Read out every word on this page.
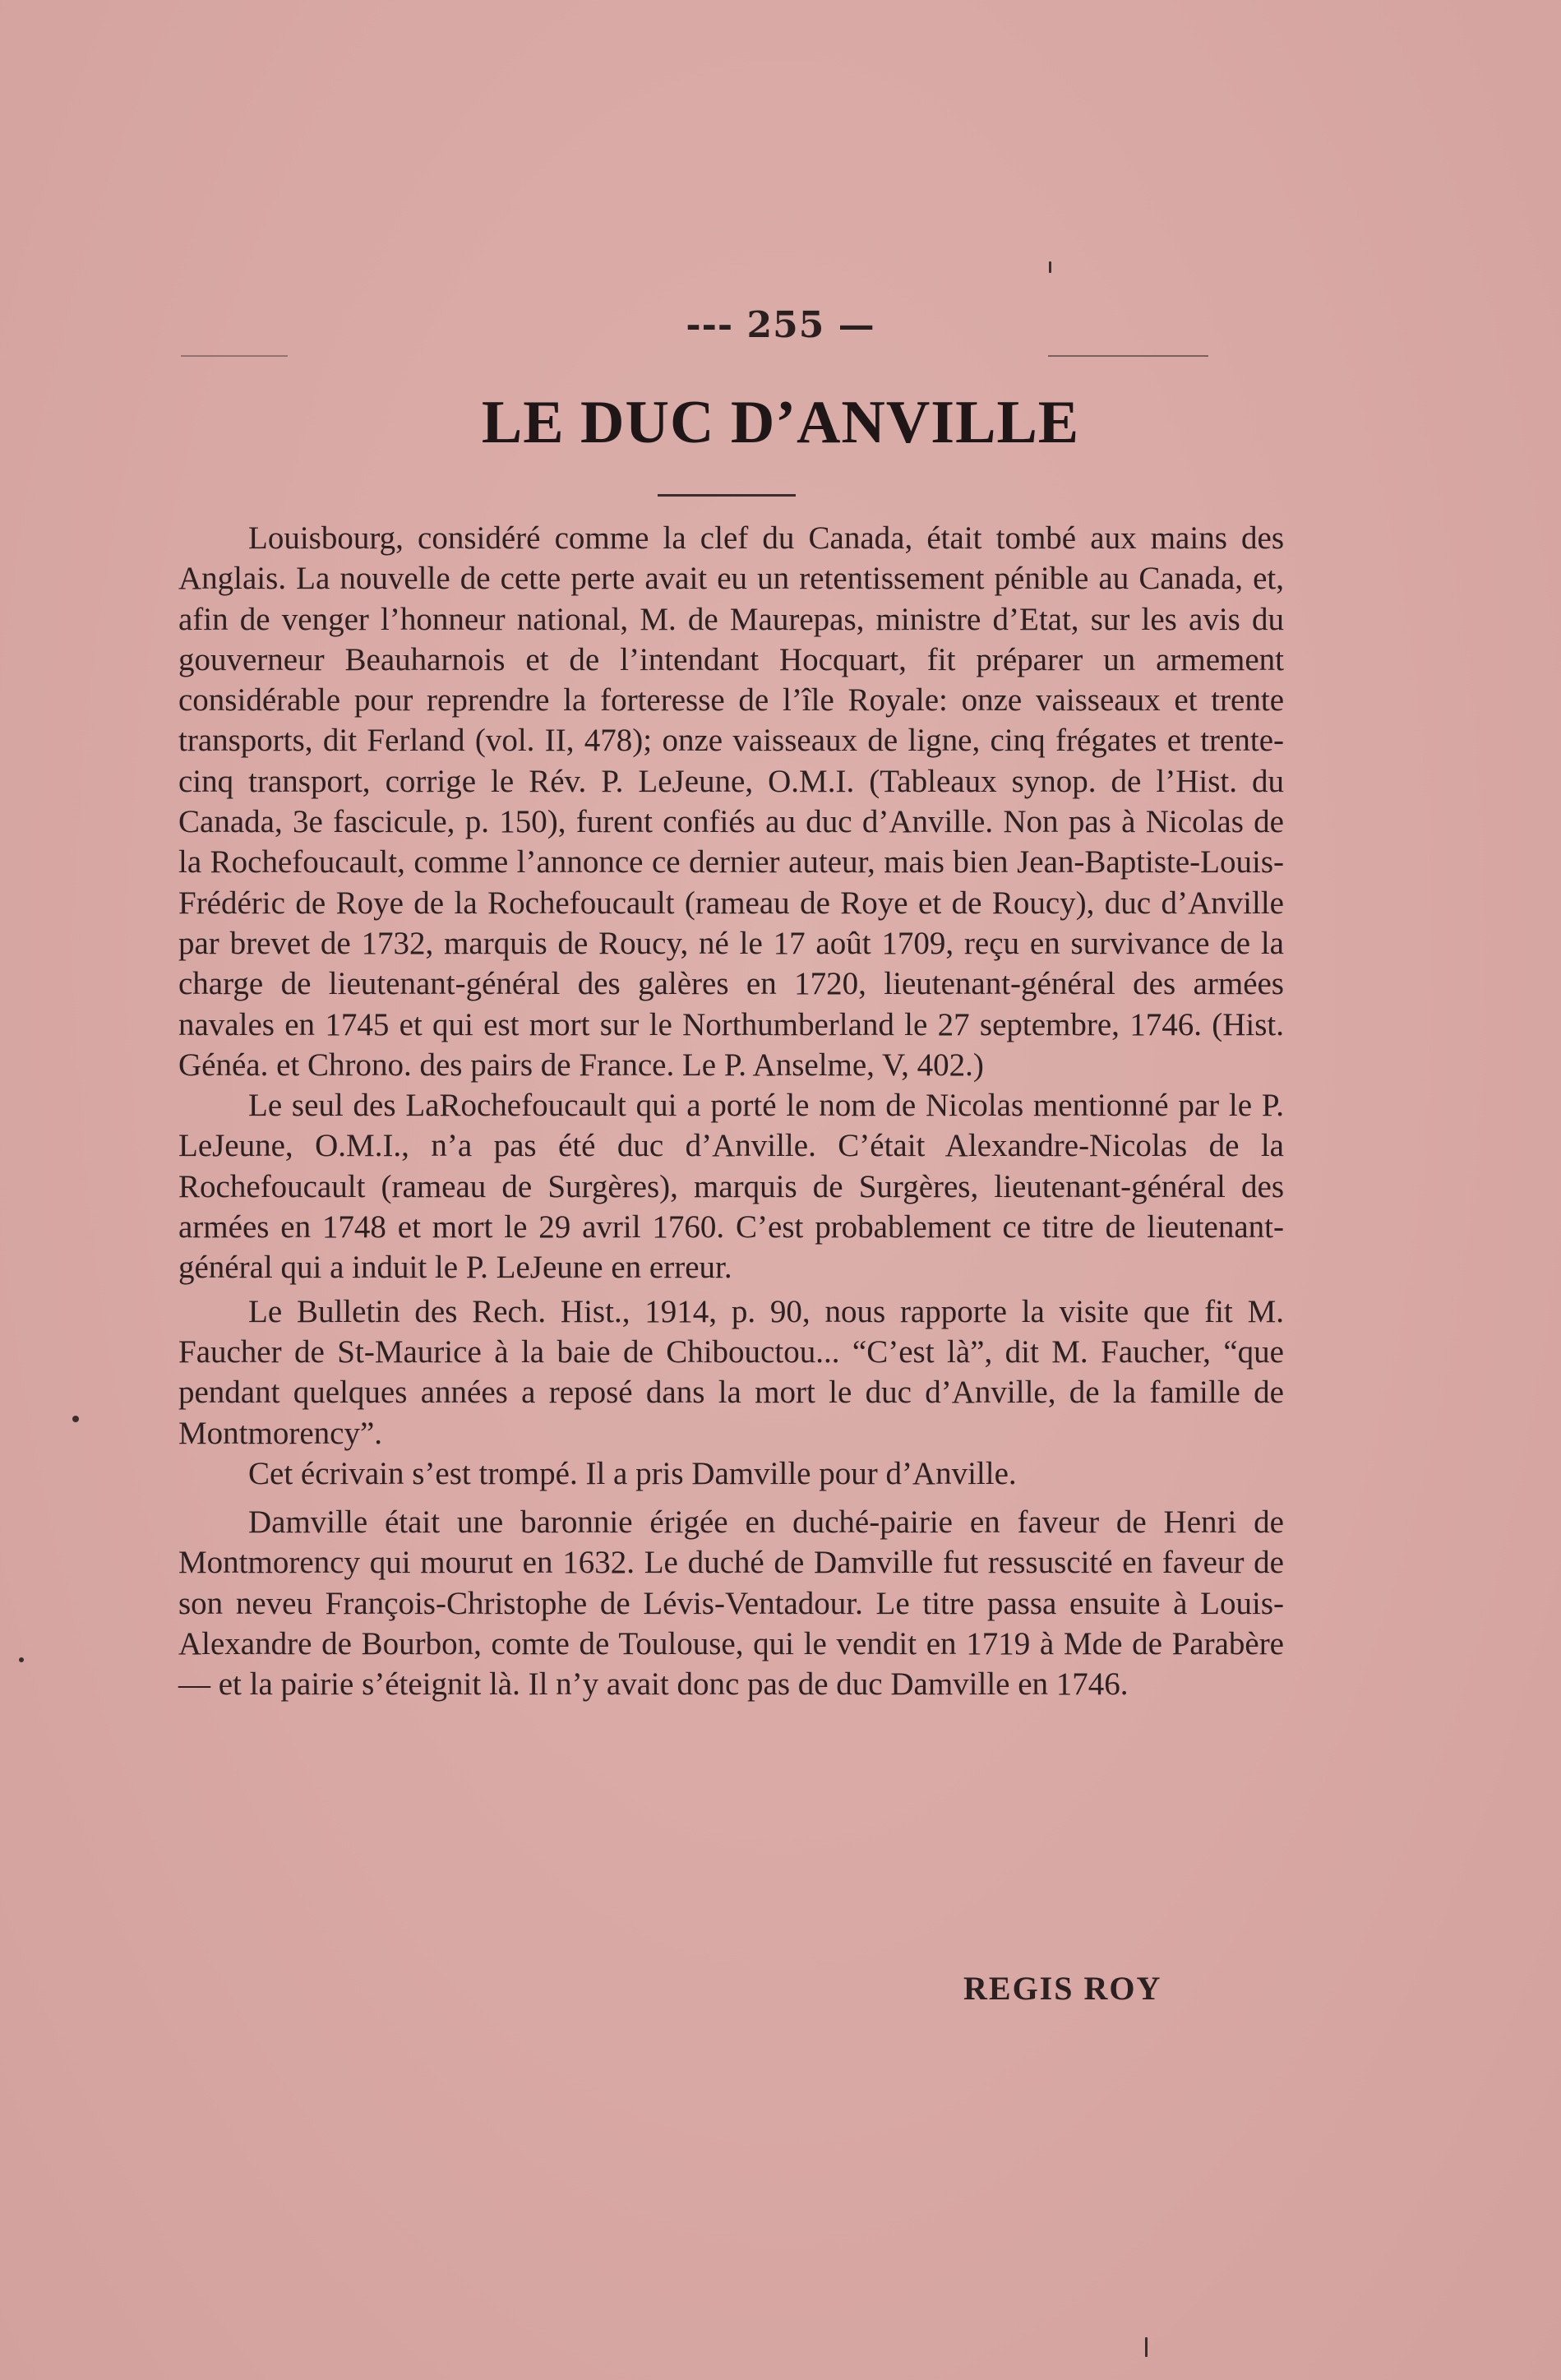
--- 255 —
LE DUC D’ANVILLE

Louisbourg, considéré comme la clef du Canada, était tombé aux mains des Anglais. La nouvelle de cette perte avait eu un retentissement pénible au Canada, et, afin de venger l’honneur national, M. de Maurepas, ministre d’Etat, sur les avis du gouverneur Beauharnois et de l’intendant Hocquart, fit préparer un armement considérable pour reprendre la forteresse de l’île Royale: onze vaisseaux et trente transports, dit Ferland (vol. II, 478); onze vaisseaux de ligne, cinq frégates et trente-cinq transport, corrige le Rév. P. LeJeune, O.M.I. (Tableaux synop. de l’Hist. du Canada, 3e fascicule, p. 150), furent confiés au duc d’Anville. Non pas à Nicolas de la Rochefoucault, comme l’annonce ce dernier auteur, mais bien Jean-Baptiste-Louis-Frédéric de Roye de la Rochefoucault (rameau de Roye et de Roucy), duc d’Anville par brevet de 1732, marquis de Roucy, né le 17 août 1709, reçu en survivance de la charge de lieutenant-général des galères en 1720, lieutenant-général des armées navales en 1745 et qui est mort sur le Northumberland le 27 septembre, 1746. (Hist. Généa. et Chrono. des pairs de France. Le P. Anselme, V, 402.)

Le seul des LaRochefoucault qui a porté le nom de Nicolas mentionné par le P. LeJeune, O.M.I., n’a pas été duc d’Anville. C’était Alexandre-Nicolas de la Rochefoucault (rameau de Surgères), marquis de Surgères, lieutenant-général des armées en 1748 et mort le 29 avril 1760. C’est probablement ce titre de lieutenant-général qui a induit le P. LeJeune en erreur.

Le Bulletin des Rech. Hist., 1914, p. 90, nous rapporte la visite que fit M. Faucher de St-Maurice à la baie de Chibouctou... “C’est là”, dit M. Faucher, “que pendant quelques années a reposé dans la mort le duc d’Anville, de la famille de Montmorency”.

Cet écrivain s’est trompé. Il a pris Damville pour d’Anville.

Damville était une baronnie érigée en duché-pairie en faveur de Henri de Montmorency qui mourut en 1632. Le duché de Damville fut ressuscité en faveur de son neveu François-Christophe de Lévis-Ventadour. Le titre passa ensuite à Louis-Alexandre de Bourbon, comte de Toulouse, qui le vendit en 1719 à Mde de Parabère — et la pairie s’éteignit là. Il n’y avait donc pas de duc Damville en 1746.

REGIS ROY
